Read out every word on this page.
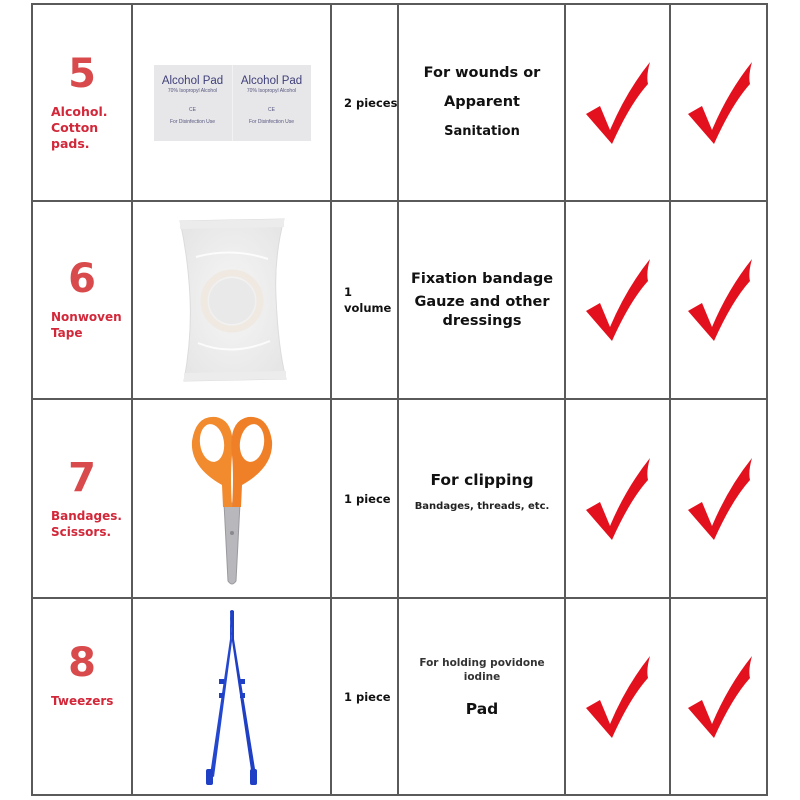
5
Alcohol.
Cotton
pads.
Alcohol Pad
70% Isopropyl Alcohol
CE
For Disinfection Use
Alcohol Pad
70% Isopropyl Alcohol
CE
For Disinfection Use
2 pieces
For wounds or
Apparent
Sanitation
6
Nonwoven
Tape
1
volume
Fixation bandage
Gauze and other
dressings
7
Bandages.
Scissors.
1 piece
For clipping
Bandages, threads, etc.
8
Tweezers	1 piece
For holding povidone iodine
Pad
